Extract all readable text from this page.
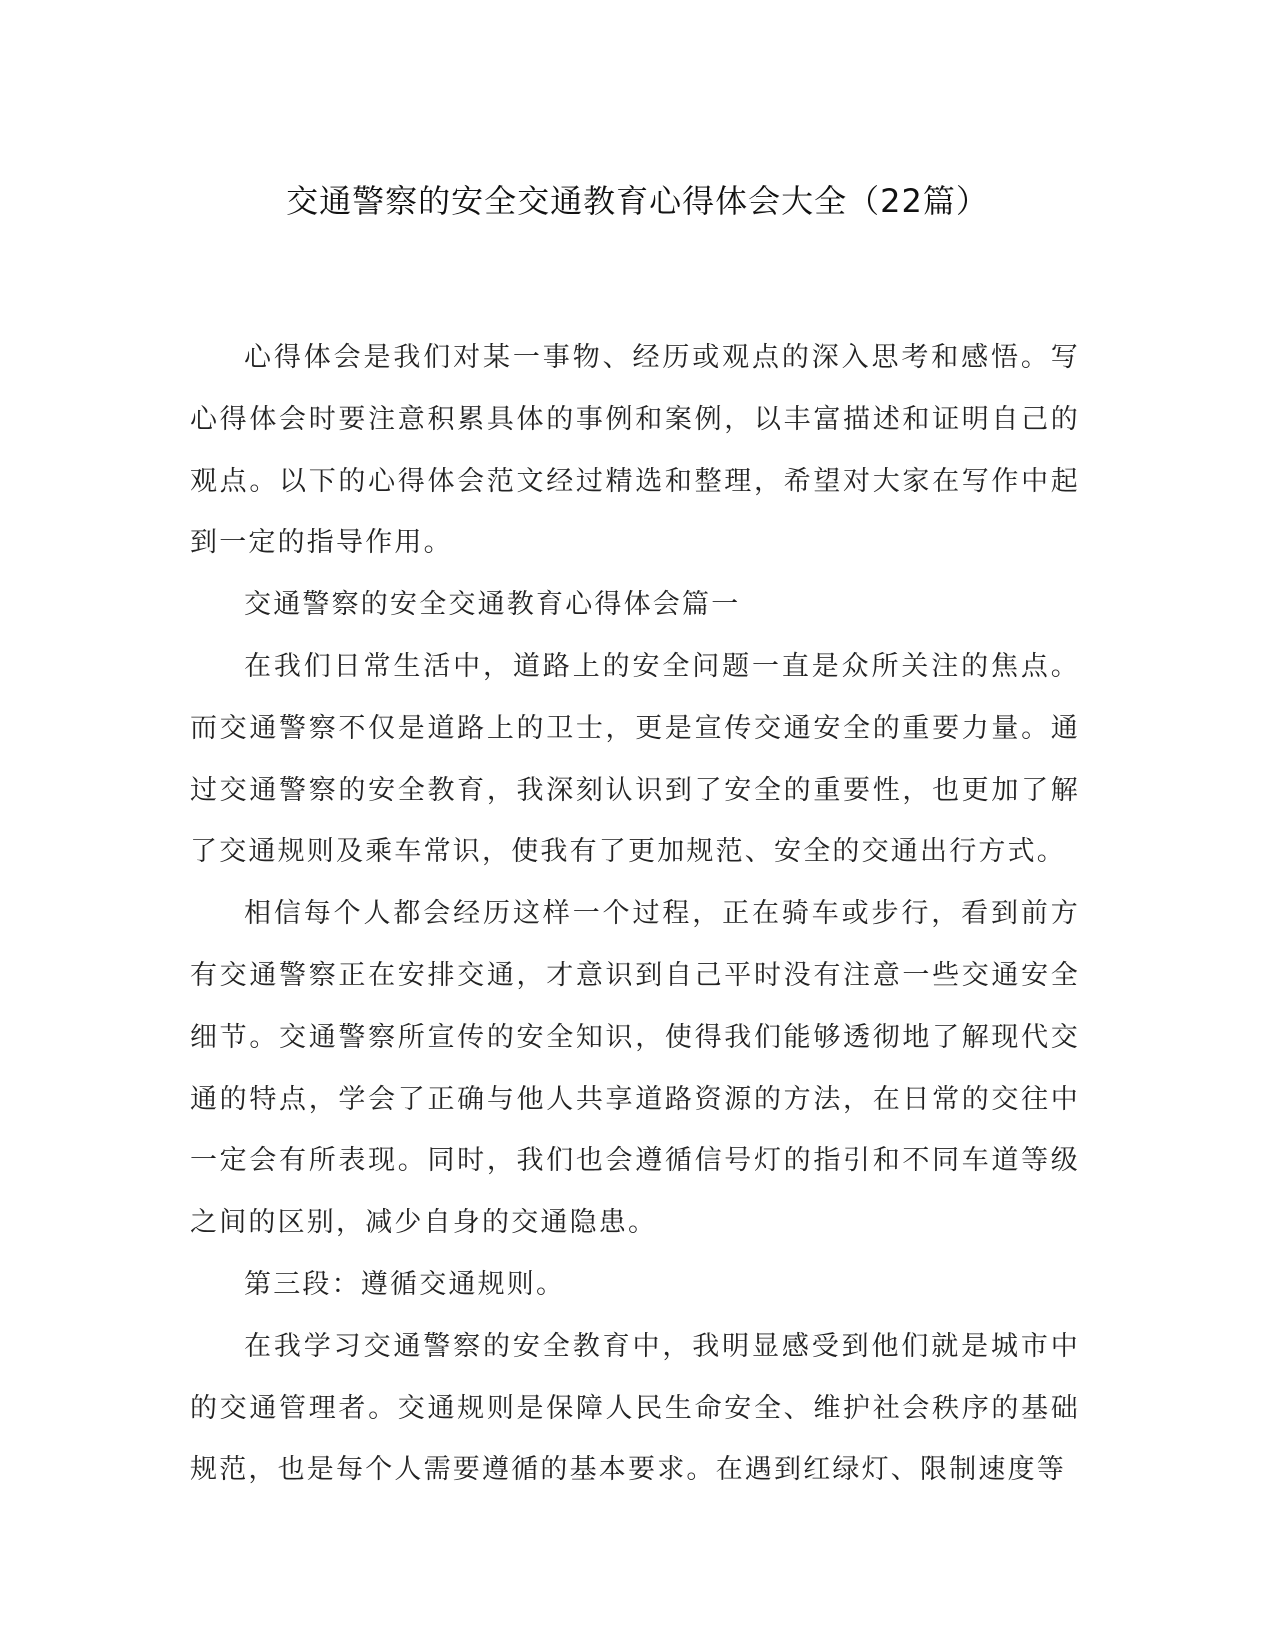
交通警察的安全交通教育心得体会大全（22篇）

心得体会是我们对某一事物、经历或观点的深入思考和感悟。写心得体会时要注意积累具体的事例和案例，以丰富描述和证明自己的观点。以下的心得体会范文经过精选和整理，希望对大家在写作中起到一定的指导作用。

交通警察的安全交通教育心得体会篇一

在我们日常生活中，道路上的安全问题一直是众所关注的焦点。而交通警察不仅是道路上的卫士，更是宣传交通安全的重要力量。通过交通警察的安全教育，我深刻认识到了安全的重要性，也更加了解了交通规则及乘车常识，使我有了更加规范、安全的交通出行方式。

相信每个人都会经历这样一个过程，正在骑车或步行，看到前方有交通警察正在安排交通，才意识到自己平时没有注意一些交通安全细节。交通警察所宣传的安全知识，使得我们能够透彻地了解现代交通的特点，学会了正确与他人共享道路资源的方法，在日常的交往中一定会有所表现。同时，我们也会遵循信号灯的指引和不同车道等级之间的区别，减少自身的交通隐患。

第三段：遵循交通规则。

在我学习交通警察的安全教育中，我明显感受到他们就是城市中的交通管理者。交通规则是保障人民生命安全、维护社会秩序的基础规范，也是每个人需要遵循的基本要求。在遇到红绿灯、限制速度等
